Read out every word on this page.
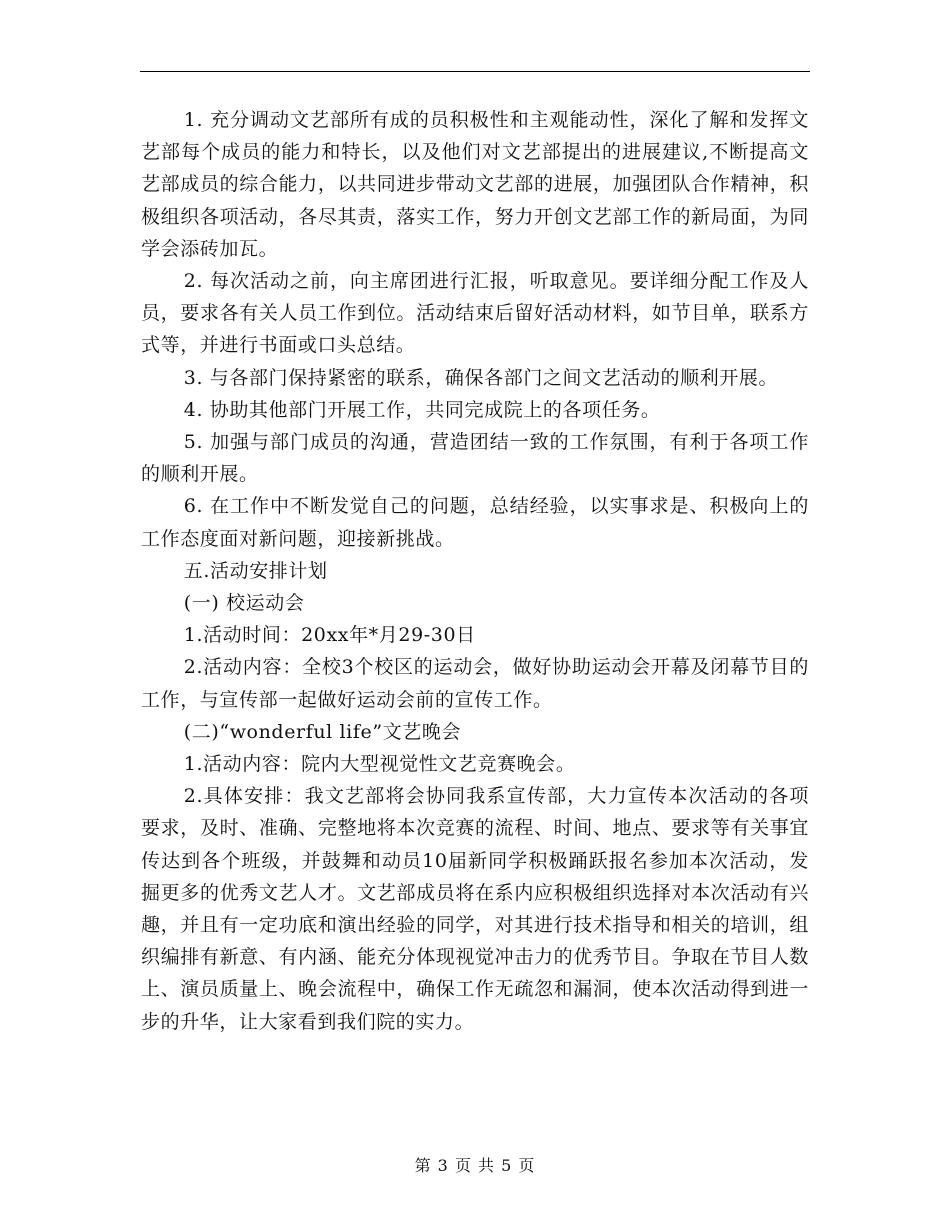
1. 充分调动文艺部所有成的员积极性和主观能动性，深化了解和发挥文艺部每个成员的能力和特长，以及他们对文艺部提出的进展建议,不断提高文艺部成员的综合能力，以共同进步带动文艺部的进展，加强团队合作精神，积极组织各项活动，各尽其责，落实工作，努力开创文艺部工作的新局面，为同学会添砖加瓦。

2. 每次活动之前，向主席团进行汇报，听取意见。要详细分配工作及人员，要求各有关人员工作到位。活动结束后留好活动材料，如节目单，联系方式等，并进行书面或口头总结。

3. 与各部门保持紧密的联系，确保各部门之间文艺活动的顺利开展。

4. 协助其他部门开展工作，共同完成院上的各项任务。

5. 加强与部门成员的沟通，营造团结一致的工作氛围，有利于各项工作的顺利开展。

6. 在工作中不断发觉自己的问题，总结经验，以实事求是、积极向上的工作态度面对新问题，迎接新挑战。

五.活动安排计划

(一) 校运动会

1.活动时间：20xx年*月29-30日

2.活动内容：全校3个校区的运动会，做好协助运动会开幕及闭幕节目的工作，与宣传部一起做好运动会前的宣传工作。

(二)“wonderful life”文艺晚会

1.活动内容：院内大型视觉性文艺竞赛晚会。

2.具体安排：我文艺部将会协同我系宣传部，大力宣传本次活动的各项要求，及时、准确、完整地将本次竞赛的流程、时间、地点、要求等有关事宜传达到各个班级，并鼓舞和动员10届新同学积极踊跃报名参加本次活动，发掘更多的优秀文艺人才。文艺部成员将在系内应积极组织选择对本次活动有兴趣，并且有一定功底和演出经验的同学，对其进行技术指导和相关的培训，组织编排有新意、有内涵、能充分体现视觉冲击力的优秀节目。争取在节目人数上、演员质量上、晚会流程中，确保工作无疏忽和漏洞，使本次活动得到进一步的升华，让大家看到我们院的实力。

第 3 页 共 5 页
